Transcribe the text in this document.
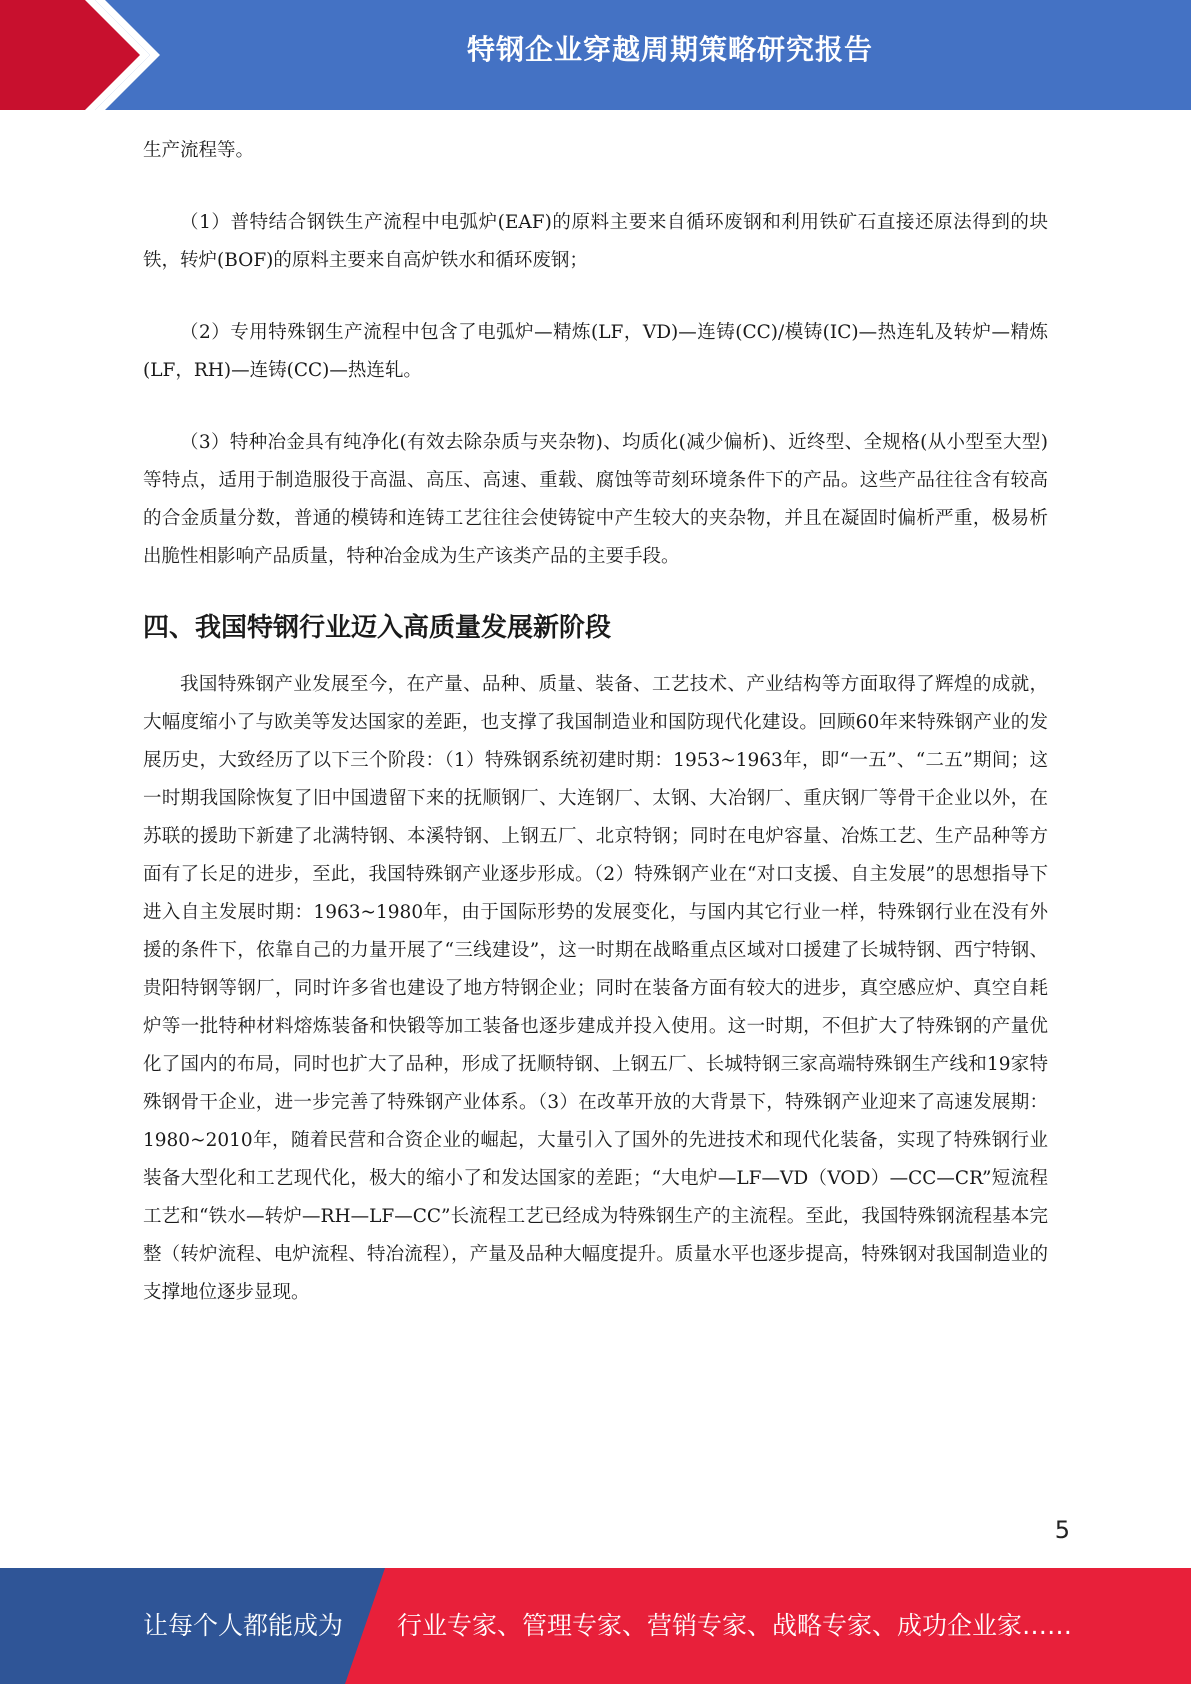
特钢企业穿越周期策略研究报告

生产流程等。

（1）普特结合钢铁生产流程中电弧炉(EAF)的原料主要来自循环废钢和利用铁矿石直接还原法得到的块铁，转炉(BOF)的原料主要来自高炉铁水和循环废钢；

（2）专用特殊钢生产流程中包含了电弧炉—精炼(LF，VD)—连铸(CC)/模铸(IC)—热连轧及转炉—精炼(LF，RH)—连铸(CC)—热连轧。

（3）特种冶金具有纯净化(有效去除杂质与夹杂物)、均质化(减少偏析)、近终型、全规格(从小型至大型)等特点，适用于制造服役于高温、高压、高速、重载、腐蚀等苛刻环境条件下的产品。这些产品往往含有较高的合金质量分数，普通的模铸和连铸工艺往往会使铸锭中产生较大的夹杂物，并且在凝固时偏析严重，极易析出脆性相影响产品质量，特种冶金成为生产该类产品的主要手段。

四、我国特钢行业迈入高质量发展新阶段

我国特殊钢产业发展至今，在产量、品种、质量、装备、工艺技术、产业结构等方面取得了辉煌的成就，大幅度缩小了与欧美等发达国家的差距，也支撑了我国制造业和国防现代化建设。回顾60年来特殊钢产业的发展历史，大致经历了以下三个阶段：（1）特殊钢系统初建时期：1953~1963年，即“一五”、“二五”期间；这一时期我国除恢复了旧中国遗留下来的抚顺钢厂、大连钢厂、太钢、大冶钢厂、重庆钢厂等骨干企业以外，在苏联的援助下新建了北满特钢、本溪特钢、上钢五厂、北京特钢；同时在电炉容量、冶炼工艺、生产品种等方面有了长足的进步，至此，我国特殊钢产业逐步形成。（2）特殊钢产业在“对口支援、自主发展”的思想指导下进入自主发展时期：1963~1980年，由于国际形势的发展变化，与国内其它行业一样，特殊钢行业在没有外援的条件下，依靠自己的力量开展了“三线建设”，这一时期在战略重点区域对口援建了长城特钢、西宁特钢、贵阳特钢等钢厂，同时许多省也建设了地方特钢企业；同时在装备方面有较大的进步，真空感应炉、真空自耗炉等一批特种材料熔炼装备和快锻等加工装备也逐步建成并投入使用。这一时期，不但扩大了特殊钢的产量优化了国内的布局，同时也扩大了品种，形成了抚顺特钢、上钢五厂、长城特钢三家高端特殊钢生产线和19家特殊钢骨干企业，进一步完善了特殊钢产业体系。（3）在改革开放的大背景下，特殊钢产业迎来了高速发展期：1980~2010年，随着民营和合资企业的崛起，大量引入了国外的先进技术和现代化装备，实现了特殊钢行业装备大型化和工艺现代化，极大的缩小了和发达国家的差距；“大电炉—LF—VD（VOD）—CC—CR”短流程工艺和“铁水—转炉—RH—LF—CC”长流程工艺已经成为特殊钢生产的主流程。至此，我国特殊钢流程基本完整（转炉流程、电炉流程、特冶流程），产量及品种大幅度提升。质量水平也逐步提高，特殊钢对我国制造业的支撑地位逐步显现。

5
让每个人都能成为 行业专家、管理专家、营销专家、战略专家、成功企业家……
